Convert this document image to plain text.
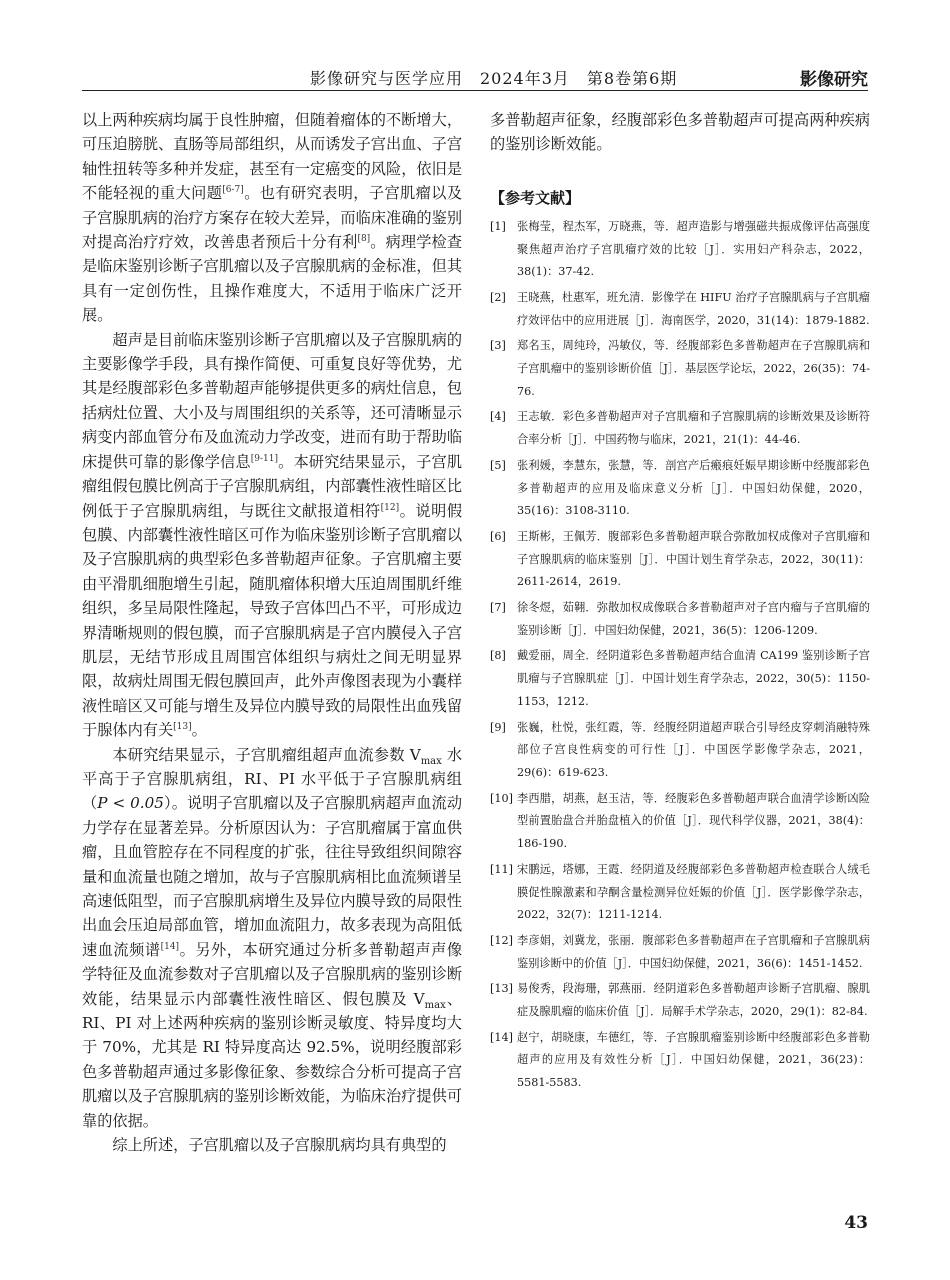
影像研究与医学应用　2024年3月　第8卷第6期	影像研究

以上两种疾病均属于良性肿瘤，但随着瘤体的不断增大，可压迫膀胱、直肠等局部组织，从而诱发子宫出血、子宫轴性扭转等多种并发症，甚至有一定癌变的风险，依旧是不能轻视的重大问题[6-7]。也有研究表明，子宫肌瘤以及子宫腺肌病的治疗方案存在较大差异，而临床准确的鉴别对提高治疗疗效，改善患者预后十分有利[8]。病理学检查是临床鉴别诊断子宫肌瘤以及子宫腺肌病的金标准，但其具有一定创伤性，且操作难度大，不适用于临床广泛开展。

超声是目前临床鉴别诊断子宫肌瘤以及子宫腺肌病的主要影像学手段，具有操作简便、可重复良好等优势，尤其是经腹部彩色多普勒超声能够提供更多的病灶信息，包括病灶位置、大小及与周围组织的关系等，还可清晰显示病变内部血管分布及血流动力学改变，进而有助于帮助临床提供可靠的影像学信息[9-11]。本研究结果显示，子宫肌瘤组假包膜比例高于子宫腺肌病组，内部囊性液性暗区比例低于子宫腺肌病组，与既往文献报道相符[12]。说明假包膜、内部囊性液性暗区可作为临床鉴别诊断子宫肌瘤以及子宫腺肌病的典型彩色多普勒超声征象。子宫肌瘤主要由平滑肌细胞增生引起，随肌瘤体积增大压迫周围肌纤维组织，多呈局限性隆起，导致子宫体凹凸不平，可形成边界清晰规则的假包膜，而子宫腺肌病是子宫内膜侵入子宫肌层，无结节形成且周围宫体组织与病灶之间无明显界限，故病灶周围无假包膜回声，此外声像图表现为小囊样液性暗区又可能与增生及异位内膜导致的局限性出血残留于腺体内有关[13]。

本研究结果显示，子宫肌瘤组超声血流参数 $V_{max}$ 水平高于子宫腺肌病组，RI、PI 水平低于子宫腺肌病组（P < 0.05）。说明子宫肌瘤以及子宫腺肌病超声血流动力学存在显著差异。分析原因认为：子宫肌瘤属于富血供瘤，且血管腔存在不同程度的扩张，往往导致组织间隙容量和血流量也随之增加，故与子宫腺肌病相比血流频谱呈高速低阻型，而子宫腺肌病增生及异位内膜导致的局限性出血会压迫局部血管，增加血流阻力，故多表现为高阻低速血流频谱[14]。另外，本研究通过分析多普勒超声声像学特征及血流参数对子宫肌瘤以及子宫腺肌病的鉴别诊断效能，结果显示内部囊性液性暗区、假包膜及 $V_{max}$、RI、PI 对上述两种疾病的鉴别诊断灵敏度、特异度均大于 70%，尤其是 RI 特异度高达 92.5%，说明经腹部彩色多普勒超声通过多影像征象、参数综合分析可提高子宫肌瘤以及子宫腺肌病的鉴别诊断效能，为临床治疗提供可靠的依据。

综上所述，子宫肌瘤以及子宫腺肌病均具有典型的

多普勒超声征象，经腹部彩色多普勒超声可提高两种疾病的鉴别诊断效能。

【参考文献】
[1] 张梅莹，程杰军，万晓燕，等．超声造影与增强磁共振成像评估高强度聚焦超声治疗子宫肌瘤疗效的比较［J］．实用妇产科杂志，2022，38(1)：37-42.
[2] 王晓燕，杜惠军，班允清．影像学在 HIFU 治疗子宫腺肌病与子宫肌瘤疗效评估中的应用进展［J］．海南医学，2020，31(14)：1879-1882.
[3] 郑名玉，周纯玲，冯敏仪，等．经腹部彩色多普勒超声在子宫腺肌病和子宫肌瘤中的鉴别诊断价值［J］．基层医学论坛，2022，26(35)：74-76.
[4] 王志敏．彩色多普勒超声对子宫肌瘤和子宫腺肌病的诊断效果及诊断符合率分析［J］．中国药物与临床，2021，21(1)：44-46.
[5] 张利媛，李慧东，张慧，等．剖宫产后瘢痕妊娠早期诊断中经腹部彩色多普勒超声的应用及临床意义分析［J］．中国妇幼保健，2020，35(16)：3108-3110.
[6] 王斯彬，王佩芳．腹部彩色多普勒超声联合弥散加权成像对子宫肌瘤和子宫腺肌病的临床鉴别［J］．中国计划生育学杂志，2022，30(11)：2611-2614，2619.
[7] 徐冬煜，茹翱．弥散加权成像联合多普勒超声对子宫内瘤与子宫肌瘤的鉴别诊断［J］．中国妇幼保健，2021，36(5)：1206-1209.
[8] 戴爱丽，周全．经阴道彩色多普勒超声结合血清 CA199 鉴别诊断子宫肌瘤与子宫腺肌症［J］．中国计划生育学杂志，2022，30(5)：1150-1153，1212.
[9] 张巍，杜悦，张红霞，等．经腹经阴道超声联合引导经皮穿刺消融特殊部位子宫良性病变的可行性［J］．中国医学影像学杂志，2021，29(6)：619-623.
[10] 李西腊，胡燕，赵玉洁，等．经腹彩色多普勒超声联合血清学诊断凶险型前置胎盘合并胎盘植入的价值［J］．现代科学仪器，2021，38(4)：186-190.
[11] 宋鹏远，塔娜，王霞．经阴道及经腹部彩色多普勒超声检查联合人绒毛膜促性腺激素和孕酮含量检测异位妊娠的价值［J］．医学影像学杂志，2022，32(7)：1211-1214.
[12] 李彦娟，刘冀龙，张丽．腹部彩色多普勒超声在子宫肌瘤和子宫腺肌病鉴别诊断中的价值［J］．中国妇幼保健，2021，36(6)：1451-1452.
[13] 易俊秀，段海珊，郭燕丽．经阴道彩色多普勒超声诊断子宫肌瘤、腺肌症及腺肌瘤的临床价值［J］．局解手术学杂志，2020，29(1)：82-84.
[14] 赵宁，胡晓康，车德红，等．子宫腺肌瘤鉴别诊断中经腹部彩色多普勒超声的应用及有效性分析［J］．中国妇幼保健，2021，36(23)：5581-5583.
43
